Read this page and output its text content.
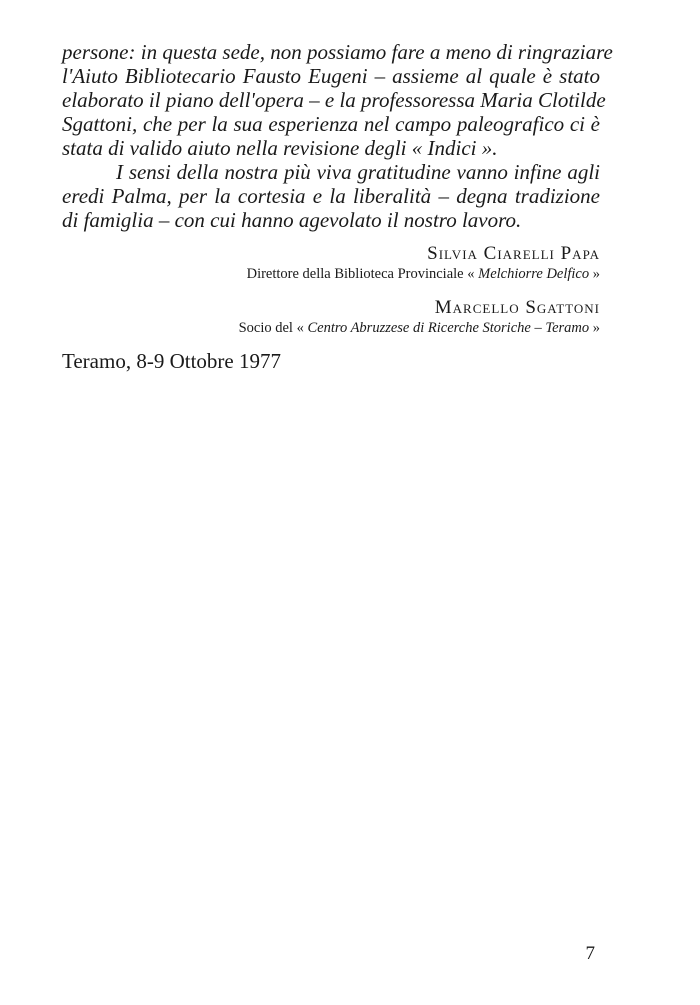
persone: in questa sede, non possiamo fare a meno di ringraziare
l'Aiuto Bibliotecario Fausto Eugeni – assieme al quale è stato
elaborato il piano dell'opera – e la professoressa Maria Clotilde
Sgattoni, che per la sua esperienza nel campo paleografico ci è
stata di valido aiuto nella revisione degli « Indici ».
I sensi della nostra più viva gratitudine vanno infine agli
eredi Palma, per la cortesia e la liberalità – degna tradizione
di famiglia – con cui hanno agevolato il nostro lavoro.
Silvia Ciarelli Papa
Direttore della Biblioteca Provinciale « Melchiorre Delfico »
Marcello Sgattoni
Socio del « Centro Abruzzese di Ricerche Storiche – Teramo »
Teramo, 8-9 Ottobre 1977
7
